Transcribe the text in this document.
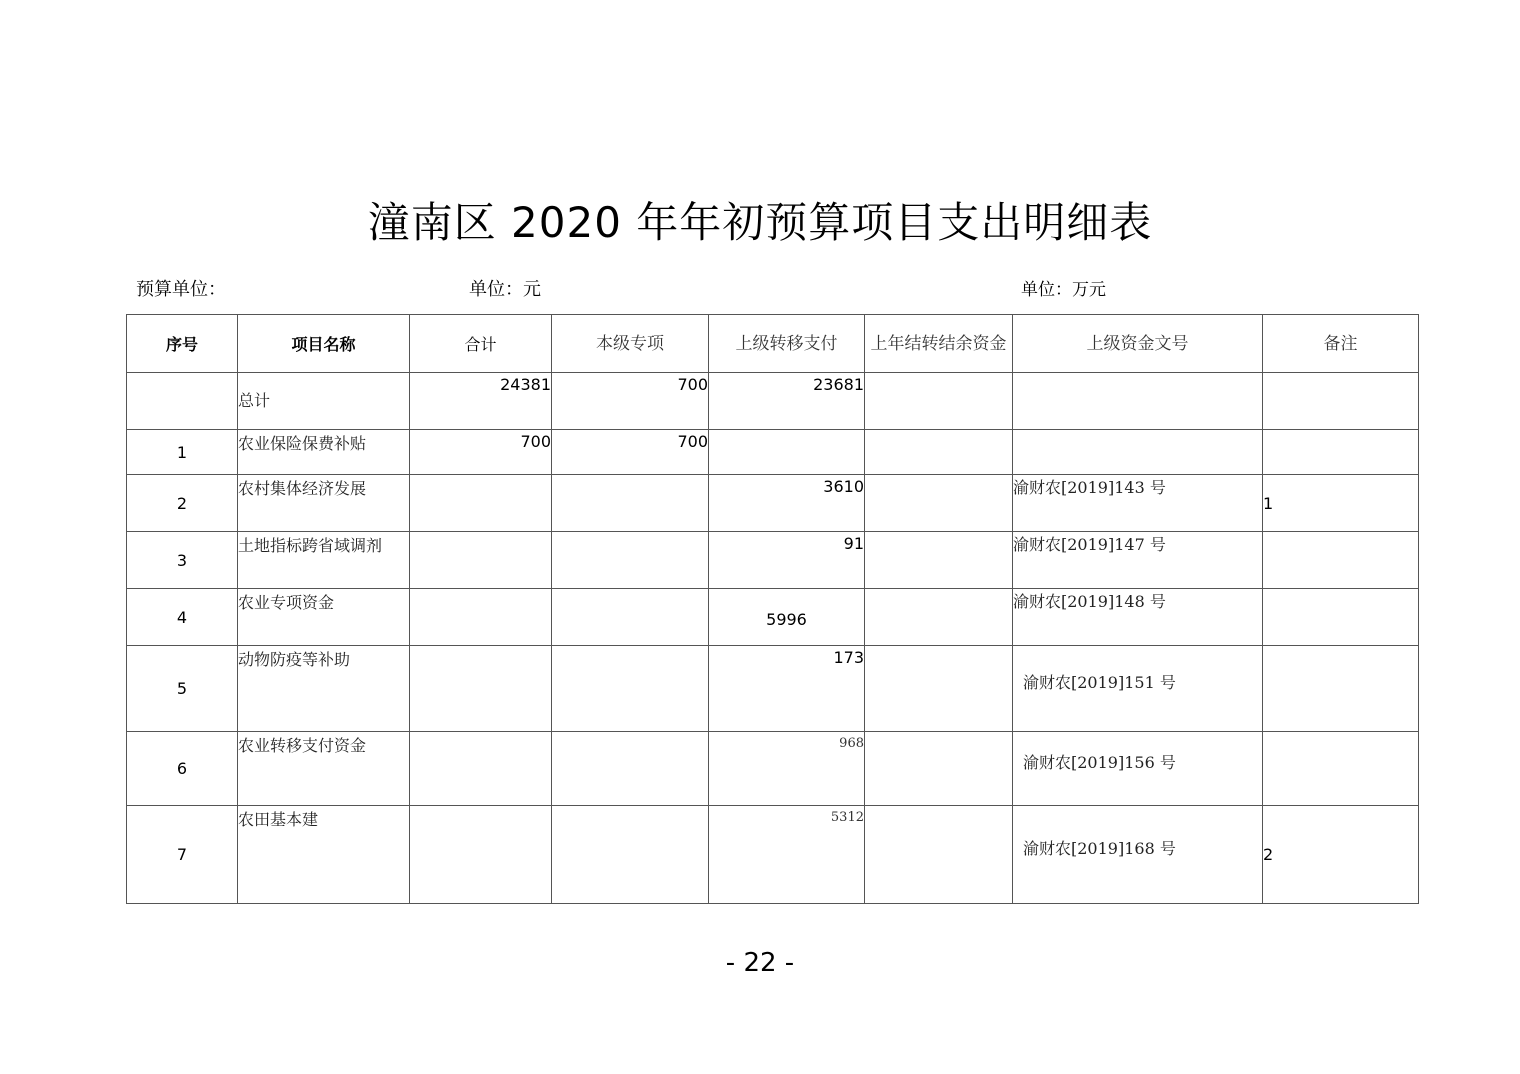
潼南区 2020 年年初预算项目支出明细表
预算单位：	单位：元	单位：万元
序号	项目名称	合计	本级专项	上级转移支付	上年结转结余资金	上级资金文号	备注
	总计	24381	700	23681			
1	农业保险保费补贴	700	700				
2	农村集体经济发展			3610		渝财农[2019]143 号	1
3	土地指标跨省域调剂			91		渝财农[2019]147 号	
4	农业专项资金			5996		渝财农[2019]148 号	
5	动物防疫等补助			173		渝财农[2019]151 号	
6	农业转移支付资金			968		渝财农[2019]156 号	
7	农田基本建			5312		渝财农[2019]168 号	2
- 22 -
